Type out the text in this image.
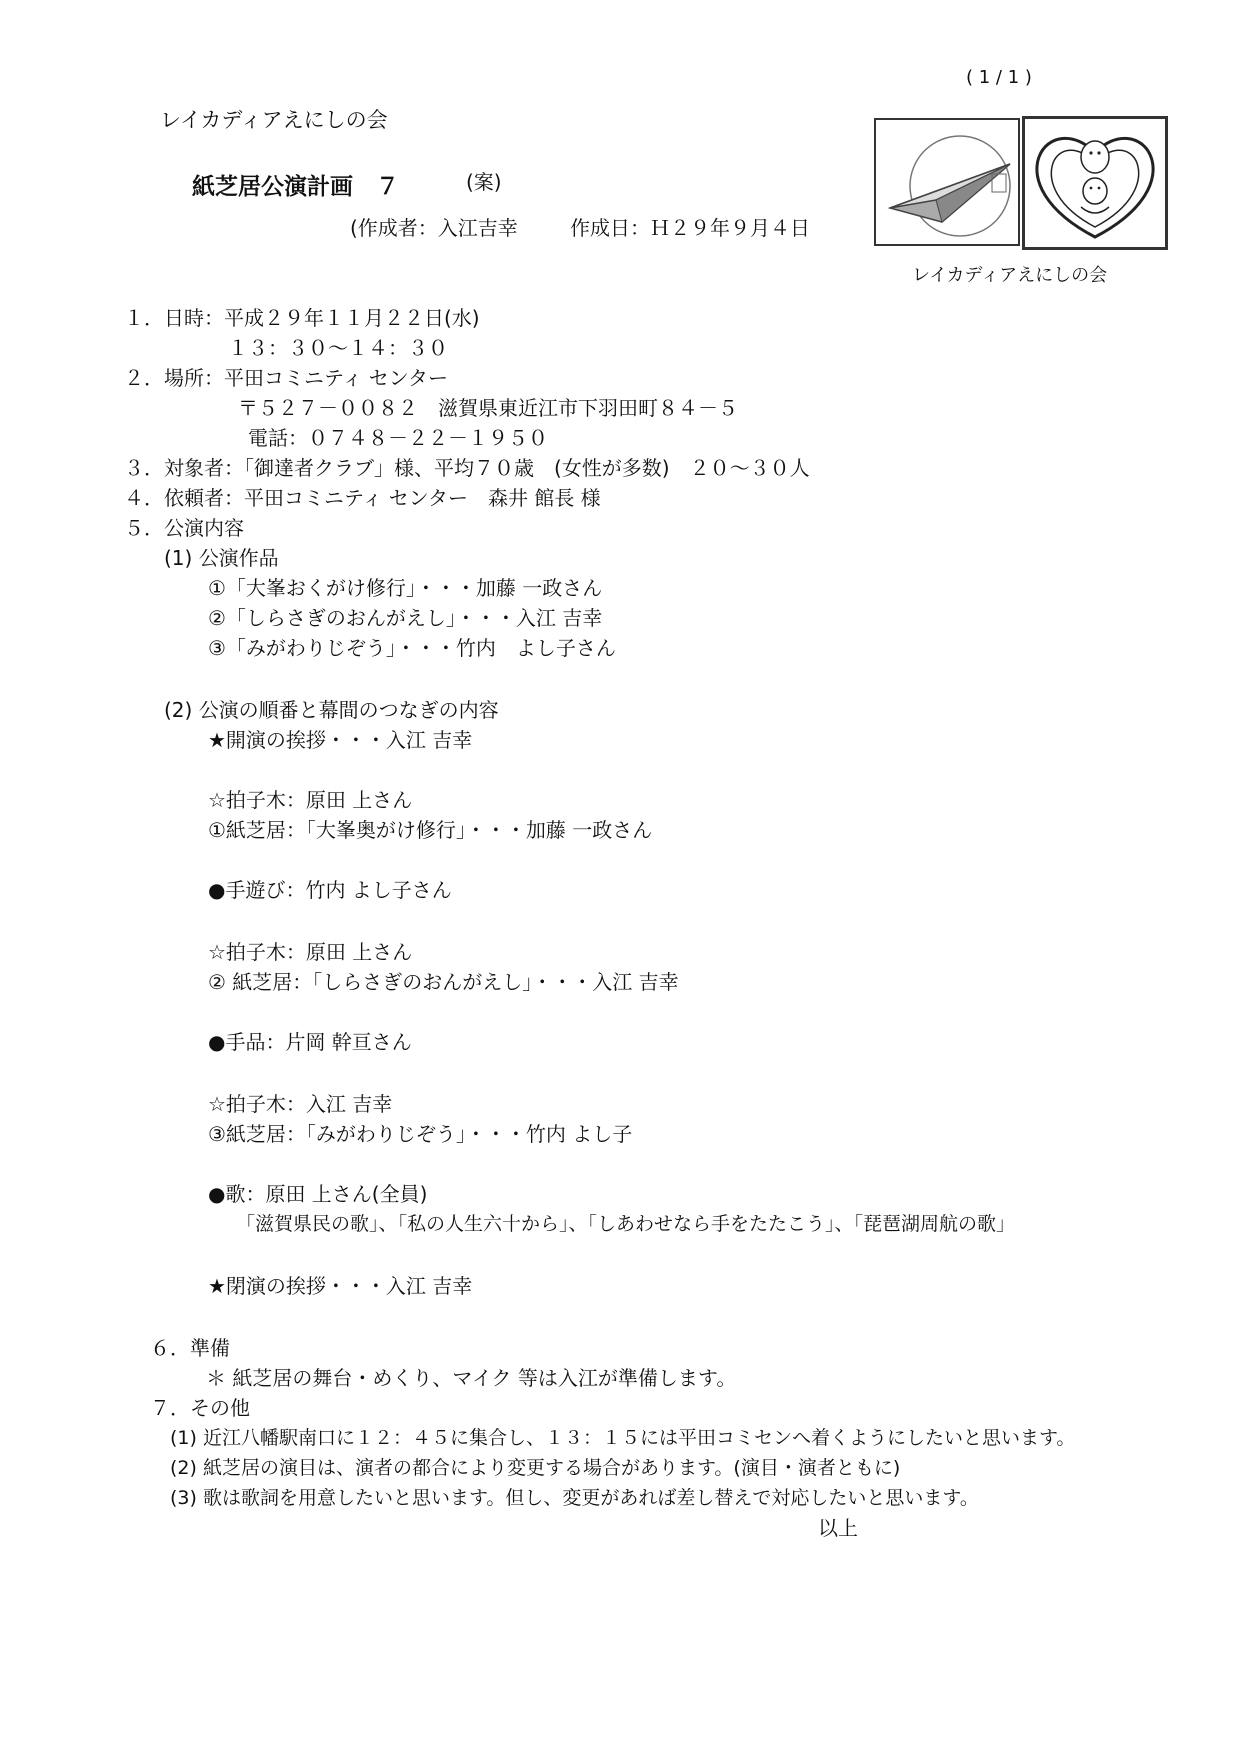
( 1 / 1 )
レイカディアえにしの会
紙芝居公演計画　７	(案)
(作成者：入江吉幸	作成日：Ｈ２９年９月４日
レイカディアえにしの会
１．日時：平成２９年１１月２２日(水)
１３：３０〜１４：３０
２．場所：平田コミニティ センター
〒５２７－００８２　滋賀県東近江市下羽田町８４－５
電話：０７４８－２２－１９５０
３．対象者：「御達者クラブ」様、平均７０歳　(女性が多数)　２０〜３０人
４．依頼者：平田コミニティ センター　森井 館長 様
５．公演内容
(1) 公演作品
①「大峯おくがけ修行」・・・加藤 一政さん
②「しらさぎのおんがえし」・・・入江 吉幸
③「みがわりじぞう」・・・竹内　よし子さん
(2) 公演の順番と幕間のつなぎの内容
★開演の挨拶・・・入江 吉幸
☆拍子木：原田 上さん
①紙芝居：「大峯奥がけ修行」・・・加藤 一政さん
●手遊び：竹内 よし子さん
☆拍子木：原田 上さん
② 紙芝居：「しらさぎのおんがえし」・・・入江 吉幸
●手品：片岡 幹亘さん
☆拍子木：入江 吉幸
③紙芝居：「みがわりじぞう」・・・竹内 よし子
●歌：原田 上さん(全員)
「滋賀県民の歌」、「私の人生六十から」、「しあわせなら手をたたこう」、「琵琶湖周航の歌」
★閉演の挨拶・・・入江 吉幸
６．準備
＊ 紙芝居の舞台・めくり、マイク 等は入江が準備します。
７．その他
(1) 近江八幡駅南口に１２：４５に集合し、１３：１５には平田コミセンへ着くようにしたいと思います。
(2) 紙芝居の演目は、演者の都合により変更する場合があります。(演目・演者ともに)
(3) 歌は歌詞を用意したいと思います。但し、変更があれば差し替えで対応したいと思います。
以上
